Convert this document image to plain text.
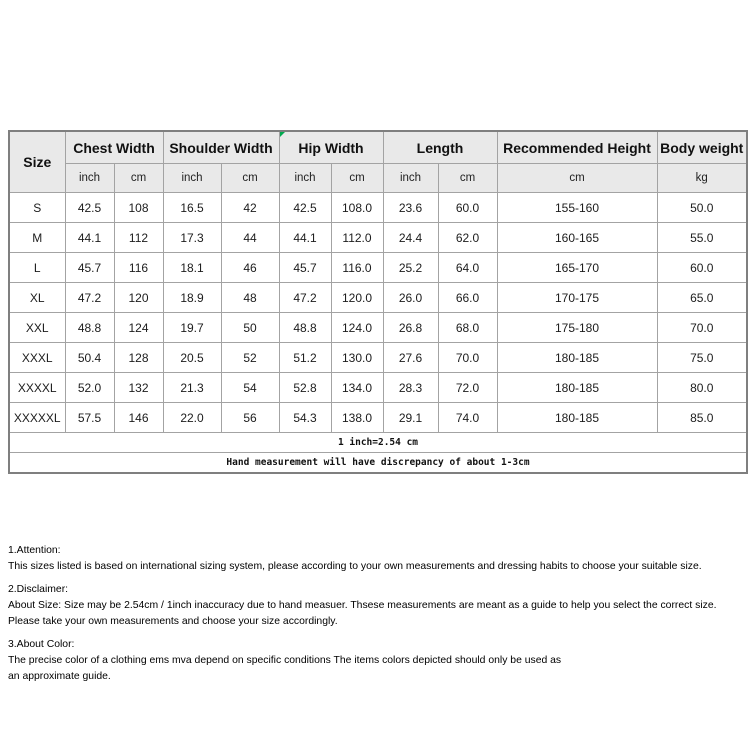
Size	Chest Width		Shoulder Width		Hip Width		Length		Recommended Height	Body weight
	inch	cm	inch	cm	inch	cm	inch	cm	cm	kg
S	42.5	108	16.5	42	42.5	108.0	23.6	60.0	155-160	50.0
M	44.1	112	17.3	44	44.1	112.0	24.4	62.0	160-165	55.0
L	45.7	116	18.1	46	45.7	116.0	25.2	64.0	165-170	60.0
XL	47.2	120	18.9	48	47.2	120.0	26.0	66.0	170-175	65.0
XXL	48.8	124	19.7	50	48.8	124.0	26.8	68.0	175-180	70.0
XXXL	50.4	128	20.5	52	51.2	130.0	27.6	70.0	180-185	75.0
XXXXL	52.0	132	21.3	54	52.8	134.0	28.3	72.0	180-185	80.0
XXXXXL	57.5	146	22.0	56	54.3	138.0	29.1	74.0	180-185	85.0
1 inch=2.54 cm										
Hand measurement will have discrepancy of about 1-3cm										
1.Attention:
This sizes listed is based on international sizing system, please according to your own measurements and dressing habits to choose your suitable size.
2.Disclaimer:
About Size: Size may be 2.54cm / 1inch inaccuracy due to hand measuer. Thsese measurements are meant as a guide to help you select the correct size.
Please take your own measurements and choose your size accordingly.
3.About Color:
The precise color of a clothing ems mva depend on specific conditions The items colors depicted should only be used as
an approximate guide.
